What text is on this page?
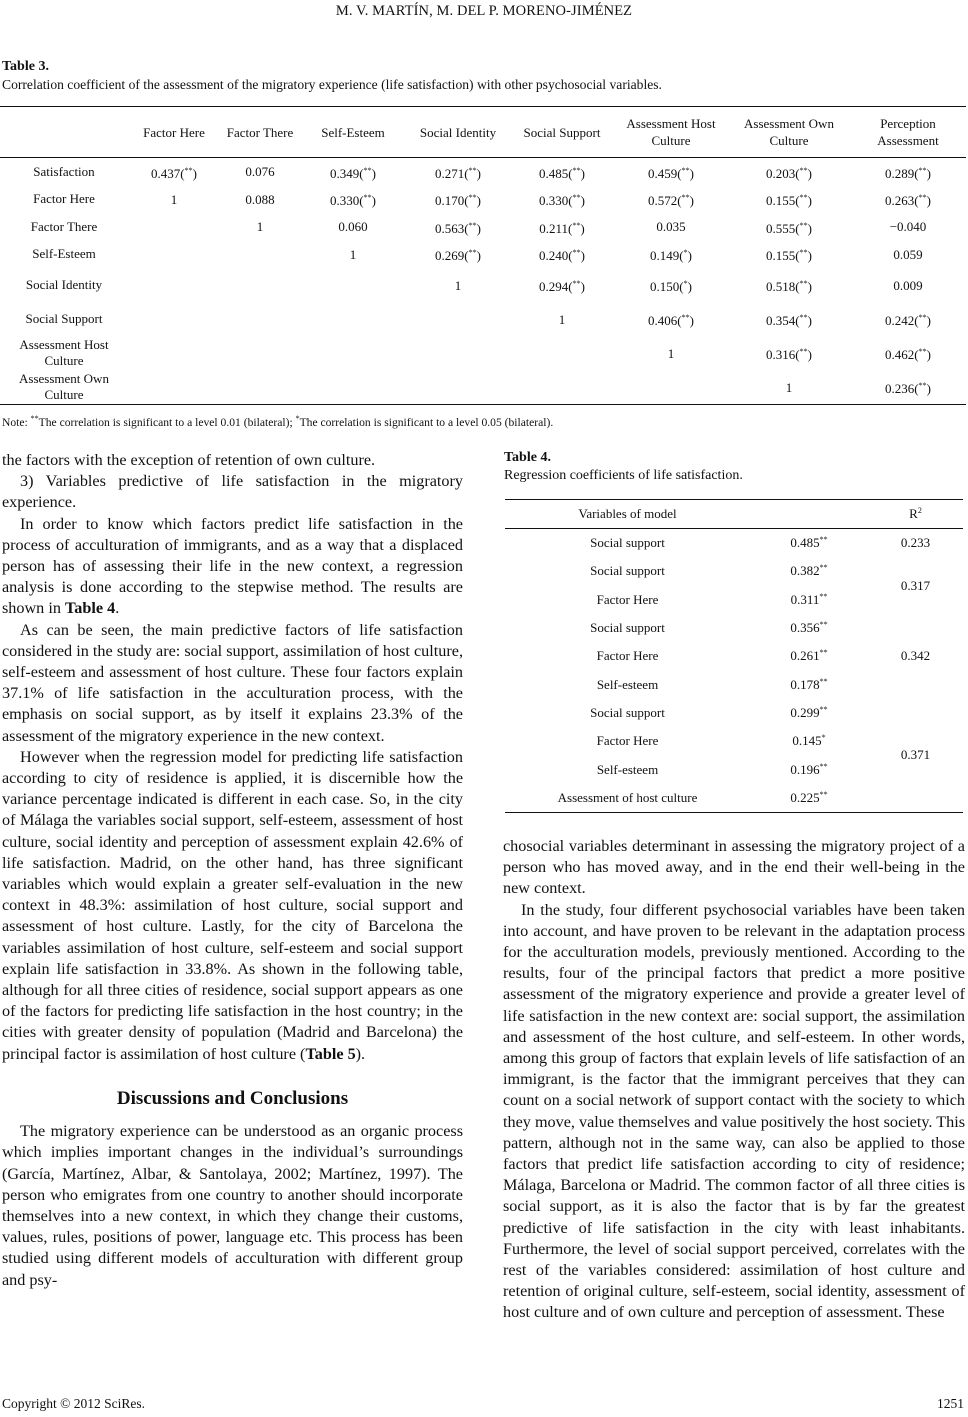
M. V. MARTÍN, M. DEL P. MORENO-JIMÉNEZ
Table 3.
Correlation coefficient of the assessment of the migratory experience (life satisfaction) with other psychosocial variables.
	Factor Here	Factor There	Self-Esteem	Social Identity	Social Support	Assessment Host Culture	Assessment Own Culture	Perception Assessment
Satisfaction	0.437(**)	0.076	0.349(**)	0.271(**)	0.485(**)	0.459(**)	0.203(**)	0.289(**)
Factor Here	1	0.088	0.330(**)	0.170(**)	0.330(**)	0.572(**)	0.155(**)	0.263(**)
Factor There		1	0.060	0.563(**)	0.211(**)	0.035	0.555(**)	−0.040
Self-Esteem			1	0.269(**)	0.240(**)	0.149(*)	0.155(**)	0.059
Social Identity				1	0.294(**)	0.150(*)	0.518(**)	0.009
Social Support					1	0.406(**)	0.354(**)	0.242(**)
Assessment Host Culture						1	0.316(**)	0.462(**)
Assessment Own Culture							1	0.236(**)
Note: **The correlation is significant to a level 0.01 (bilateral); *The correlation is significant to a level 0.05 (bilateral).

the factors with the exception of retention of own culture.

3) Variables predictive of life satisfaction in the migratory experience.

In order to know which factors predict life satisfaction in the process of acculturation of immigrants, and as a way that a displaced person has of assessing their life in the new context, a regression analysis is done according to the stepwise method. The results are shown in Table 4.

As can be seen, the main predictive factors of life satisfaction considered in the study are: social support, assimilation of host culture, self-esteem and assessment of host culture. These four factors explain 37.1% of life satisfaction in the acculturation process, with the emphasis on social support, as by itself it explains 23.3% of the assessment of the migratory experience in the new context.

However when the regression model for predicting life satisfaction according to city of residence is applied, it is discernible how the variance percentage indicated is different in each case. So, in the city of Málaga the variables social support, self-esteem, assessment of host culture, social identity and perception of assessment explain 42.6% of life satisfaction. Madrid, on the other hand, has three significant variables which would explain a greater self-evaluation in the new context in 48.3%: assimilation of host culture, social support and assessment of host culture. Lastly, for the city of Barcelona the variables assimilation of host culture, self-esteem and social support explain life satisfaction in 33.8%. As shown in the following table, although for all three cities of residence, social support appears as one of the factors for predicting life satisfaction in the host country; in the cities with greater density of population (Madrid and Barcelona) the principal factor is assimilation of host culture (Table 5).

Discussions and Conclusions

The migratory experience can be understood as an organic process which implies important changes in the individual’s surroundings (García, Martínez, Albar, & Santolaya, 2002; Martínez, 1997). The person who emigrates from one country to another should incorporate themselves into a new context, in which they change their customs, values, rules, positions of power, language etc. This process has been studied using different models of acculturation with different group and psy-

Table 4.
Regression coefficients of life satisfaction.
Variables of model		$R^2$
Social support	0.485**	0.233
Social support	0.382**	0.317
Factor Here	0.311**
Social support	0.356**	0.342
Factor Here	0.261**
Self-esteem	0.178**
Social support	0.299**	0.371
Factor Here	0.145*
Self-esteem	0.196**
Assessment of host culture	0.225**

chosocial variables determinant in assessing the migratory project of a person who has moved away, and in the end their well-being in the new context.

In the study, four different psychosocial variables have been taken into account, and have proven to be relevant in the adaptation process for the acculturation models, previously mentioned. According to the results, four of the principal factors that predict a more positive assessment of the migratory experience and provide a greater level of life satisfaction in the new context are: social support, the assimilation and assessment of the host culture, and self-esteem. In other words, among this group of factors that explain levels of life satisfaction of an immigrant, is the factor that the immigrant perceives that they can count on a social network of support contact with the society to which they move, value themselves and value positively the host society. This pattern, although not in the same way, can also be applied to those factors that predict life satisfaction according to city of residence; Málaga, Barcelona or Madrid. The common factor of all three cities is social support, as it is also the factor that is by far the greatest predictive of life satisfaction in the city with least inhabitants. Furthermore, the level of social support perceived, correlates with the rest of the variables considered: assimilation of host culture and retention of original culture, self-esteem, social identity, assessment of host culture and of own culture and perception of assessment. These

Copyright © 2012 SciRes.	1251
